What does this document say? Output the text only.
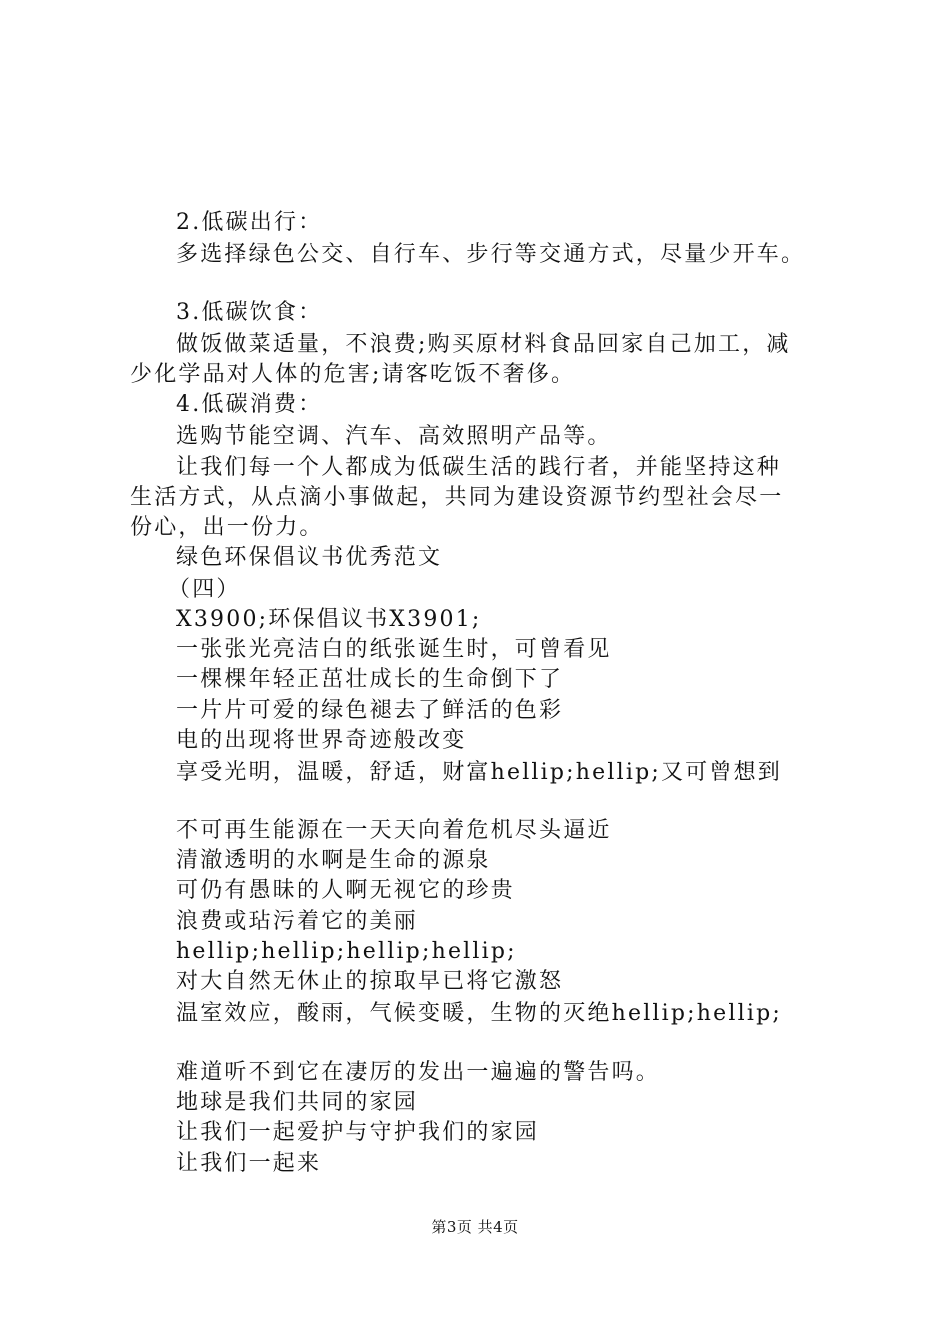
2.低碳出行：
多选择绿色公交、自行车、步行等交通方式，尽量少开车。
3.低碳饮食：
做饭做菜适量，不浪费;购买原材料食品回家自己加工，减
少化学品对人体的危害;请客吃饭不奢侈。
4.低碳消费：
选购节能空调、汽车、高效照明产品等。
让我们每一个人都成为低碳生活的践行者，并能坚持这种
生活方式，从点滴小事做起，共同为建设资源节约型社会尽一
份心，出一份力。
绿色环保倡议书优秀范文
（四）
X3900;环保倡议书X3901;
一张张光亮洁白的纸张诞生时，可曾看见
一棵棵年轻正茁壮成长的生命倒下了
一片片可爱的绿色褪去了鲜活的色彩
电的出现将世界奇迹般改变
享受光明，温暖，舒适，财富hellip;hellip;又可曾想到
不可再生能源在一天天向着危机尽头逼近
清澈透明的水啊是生命的源泉
可仍有愚昧的人啊无视它的珍贵
浪费或玷污着它的美丽
hellip;hellip;hellip;hellip;
对大自然无休止的掠取早已将它激怒
温室效应，酸雨，气候变暖，生物的灭绝hellip;hellip;
难道听不到它在凄厉的发出一遍遍的警告吗。
地球是我们共同的家园
让我们一起爱护与守护我们的家园
让我们一起来
第3页 共4页
